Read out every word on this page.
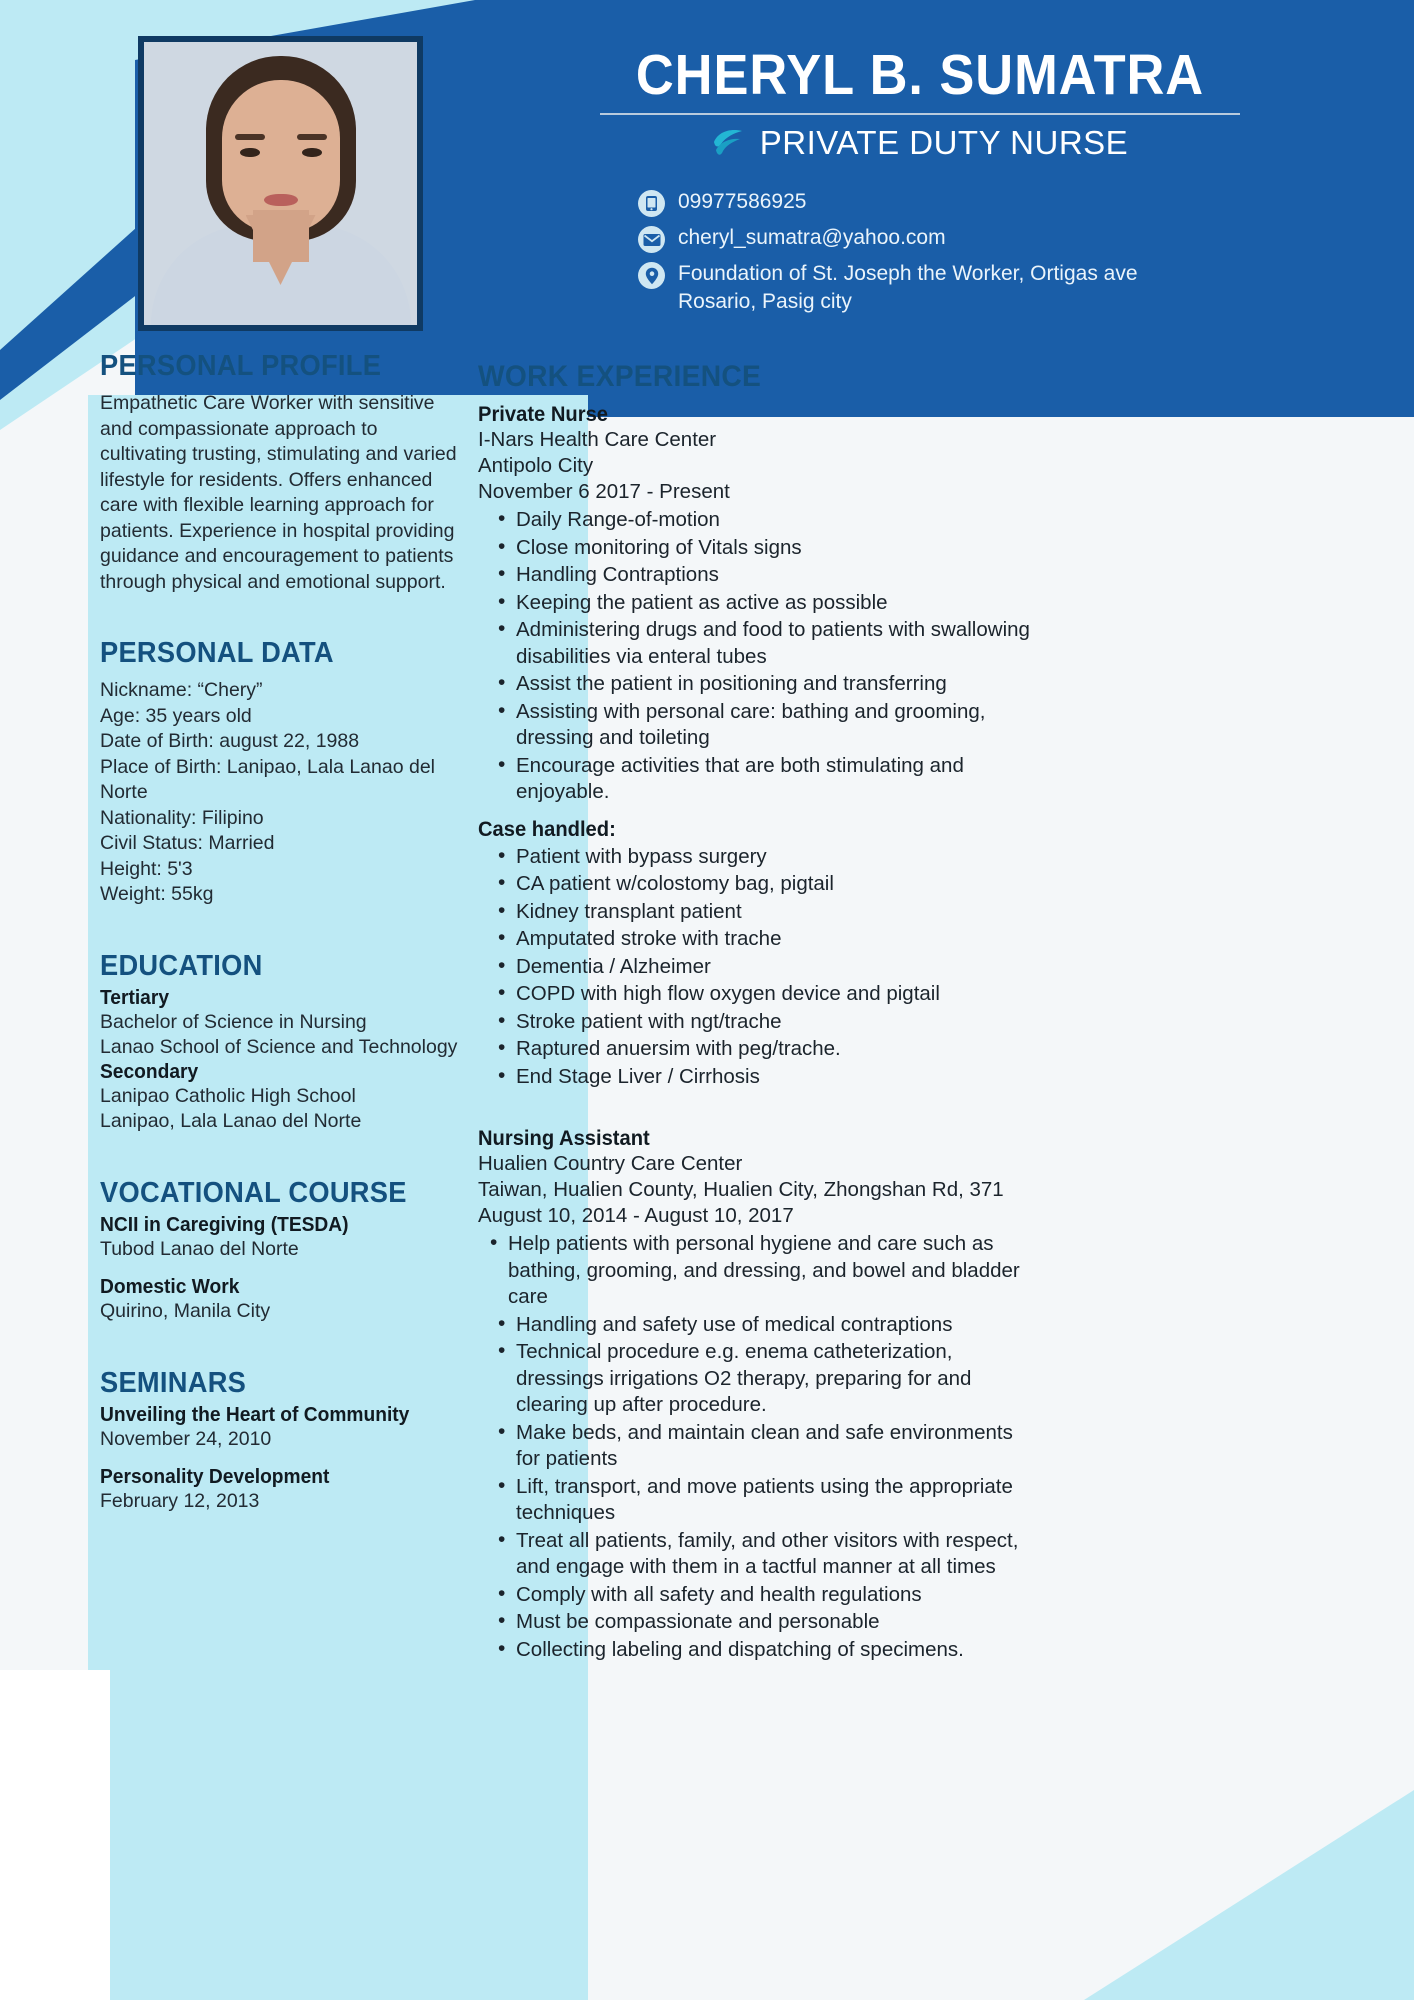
CHERYL B. SUMATRA
PRIVATE DUTY NURSE
09977586925
cheryl_sumatra@yahoo.com
Foundation of St. Joseph the Worker, Ortigas ave Rosario, Pasig city
PERSONAL PROFILE
Empathetic Care Worker with sensitive and compassionate approach to cultivating trusting, stimulating and varied lifestyle for residents. Offers enhanced care with flexible learning approach for patients. Experience in hospital providing guidance and encouragement to patients through physical and emotional support.
PERSONAL DATA
Nickname: “Chery”
Age: 35 years old
Date of Birth: august 22, 1988
Place of Birth: Lanipao, Lala Lanao del Norte
Nationality: Filipino
Civil Status: Married
Height: 5'3
Weight: 55kg
EDUCATION
Tertiary
Bachelor of Science in Nursing
Lanao School of Science and Technology
Secondary
Lanipao Catholic High School
Lanipao, Lala Lanao del Norte
VOCATIONAL COURSE
NCII in Caregiving (TESDA)
Tubod Lanao del Norte
Domestic Work
Quirino, Manila City
SEMINARS
Unveiling the Heart of Community
November 24, 2010
Personality Development
February 12, 2013
WORK EXPERIENCE
Private Nurse
I-Nars Health Care Center
Antipolo City
November 6 2017 - Present
• Daily Range-of-motion
• Close monitoring of Vitals signs
• Handling Contraptions
• Keeping the patient as active as possible
• Administering drugs and food to patients with swallowing disabilities via enteral tubes
• Assist the patient in positioning and transferring
• Assisting with personal care: bathing and grooming, dressing and toileting
• Encourage activities that are both stimulating and enjoyable.
Case handled:
• Patient with bypass surgery
• CA patient w/colostomy bag, pigtail
• Kidney transplant patient
• Amputated stroke with trache
• Dementia / Alzheimer
• COPD with high flow oxygen device and pigtail
• Stroke patient with ngt/trache
• Raptured anuersim with peg/trache.
• End Stage Liver / Cirrhosis
Nursing Assistant
Hualien Country Care Center
Taiwan, Hualien County, Hualien City, Zhongshan Rd, 371
August 10, 2014 - August 10, 2017
• Help patients with personal hygiene and care such as bathing, grooming, and dressing, and bowel and bladder care
• Handling and safety use of medical contraptions
• Technical procedure e.g. enema catheterization, dressings irrigations O2 therapy, preparing for and clearing up after procedure.
• Make beds, and maintain clean and safe environments for patients
• Lift, transport, and move patients using the appropriate techniques
• Treat all patients, family, and other visitors with respect, and engage with them in a tactful manner at all times
• Comply with all safety and health regulations
• Must be compassionate and personable
• Collecting labeling and dispatching of specimens.
